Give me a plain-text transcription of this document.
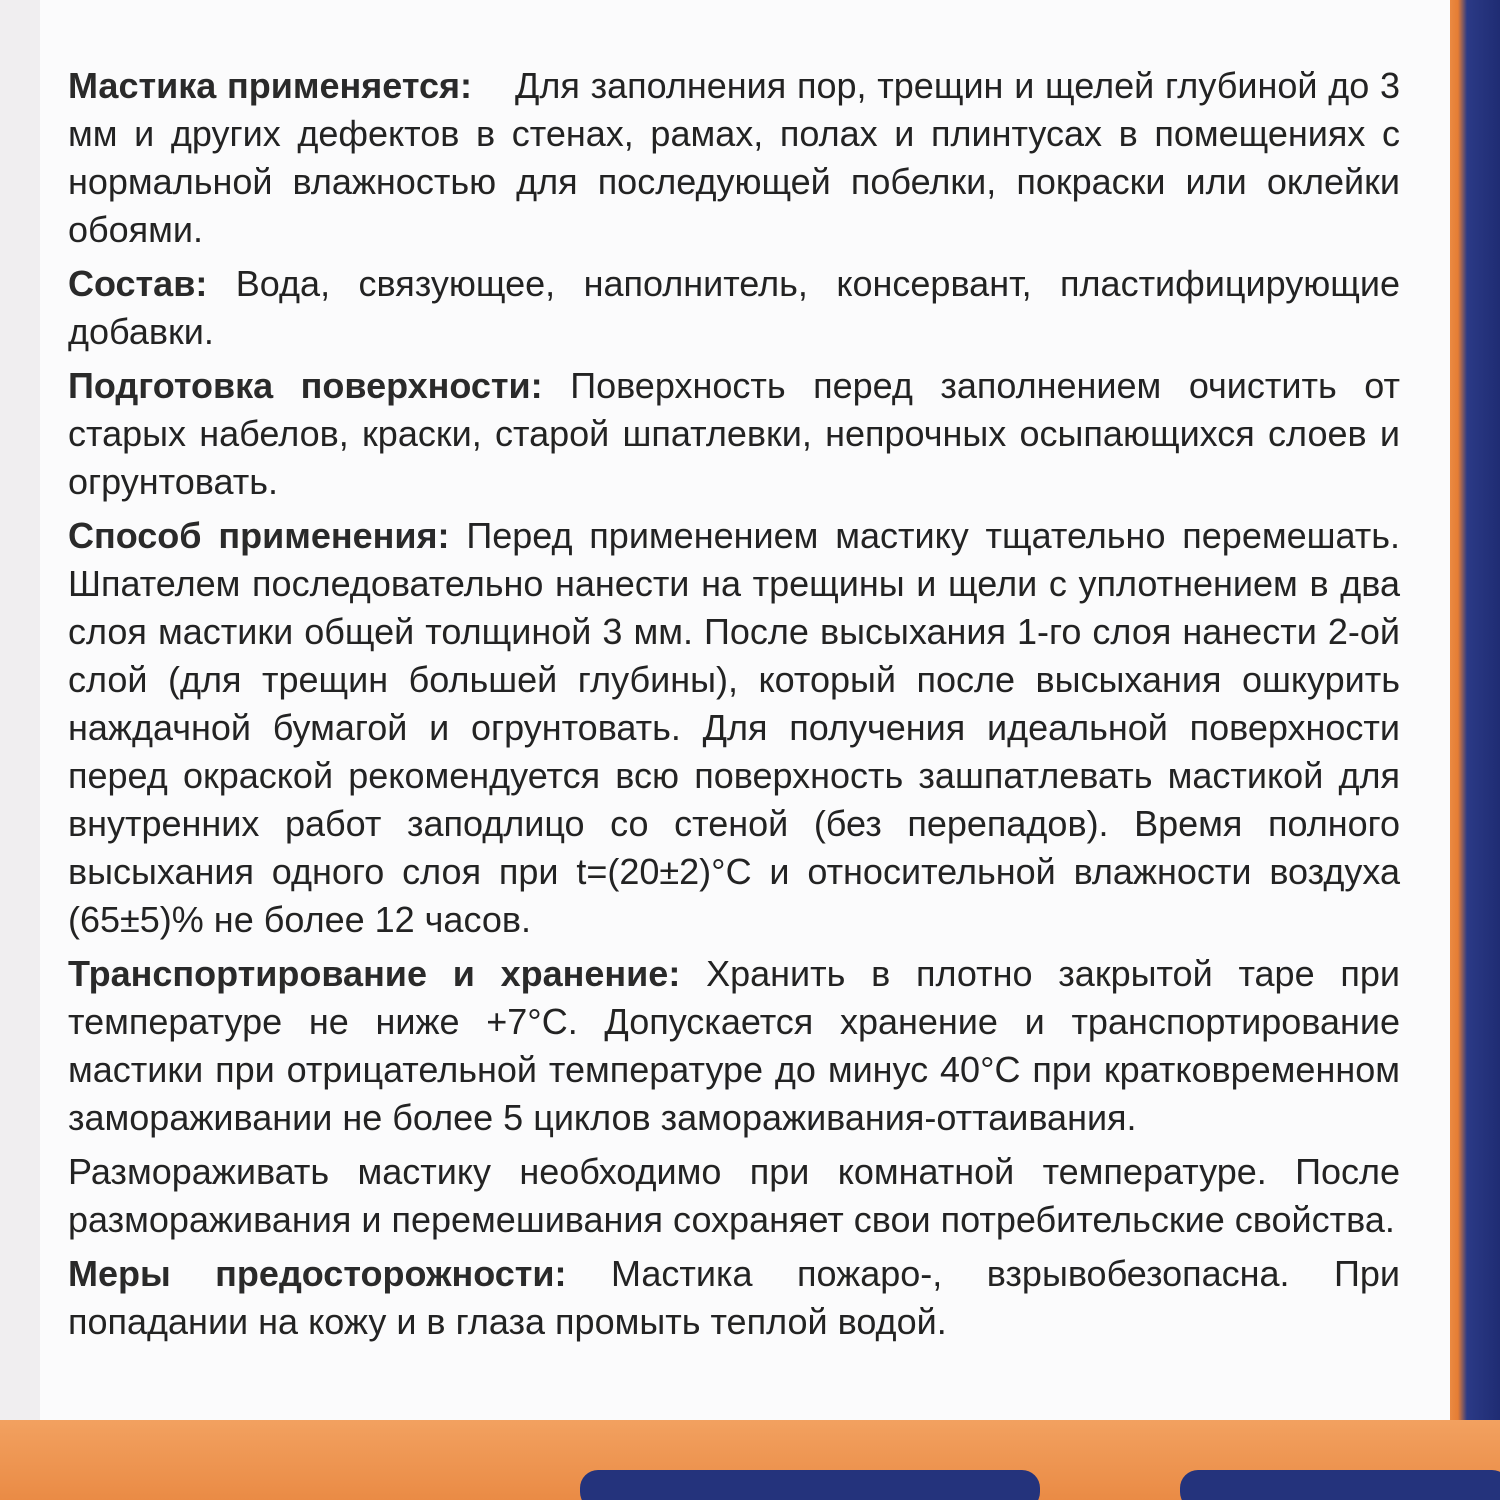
Мастика применяется: Для заполнения пор, трещин и щелей глубиной до 3 мм и других дефектов в стенах, рамах, полах и плинтусах в помещениях с нормальной влажностью для последующей побелки, покраски или оклейки обоями.

Состав: Вода, связующее, наполнитель, консервант, пластифицирующие добавки.

Подготовка поверхности: Поверхность перед заполнением очистить от старых набелов, краски, старой шпатлевки, непрочных осыпающихся слоев и огрунтовать.

Способ применения: Перед применением мастику тщательно перемешать. Шпателем последовательно нанести на трещины и щели с уплотнением в два слоя мастики общей толщиной 3 мм. После высыхания 1-го слоя нанести 2-ой слой (для трещин большей глубины), который после высыхания ошкурить наждачной бумагой и огрунтовать. Для получения идеальной поверхности перед окраской рекомендуется всю поверхность зашпатлевать мастикой для внутренних работ заподлицо со стеной (без перепадов). Время полного высыхания одного слоя при t=(20±2)°C и относительной влажности воздуха (65±5)% не более 12 часов.

Транспортирование и хранение: Хранить в плотно закрытой таре при температуре не ниже +7°C. Допускается хранение и транспортирование мастики при отрицательной температуре до минус 40°C при кратковременном замораживании не более 5 циклов замораживания-оттаивания.

Размораживать мастику необходимо при комнатной температуре. После размораживания и перемешивания сохраняет свои потребительские свойства.

Меры предосторожности: Мастика пожаро-, взрывобезопасна. При попадании на кожу и в глаза промыть теплой водой.
